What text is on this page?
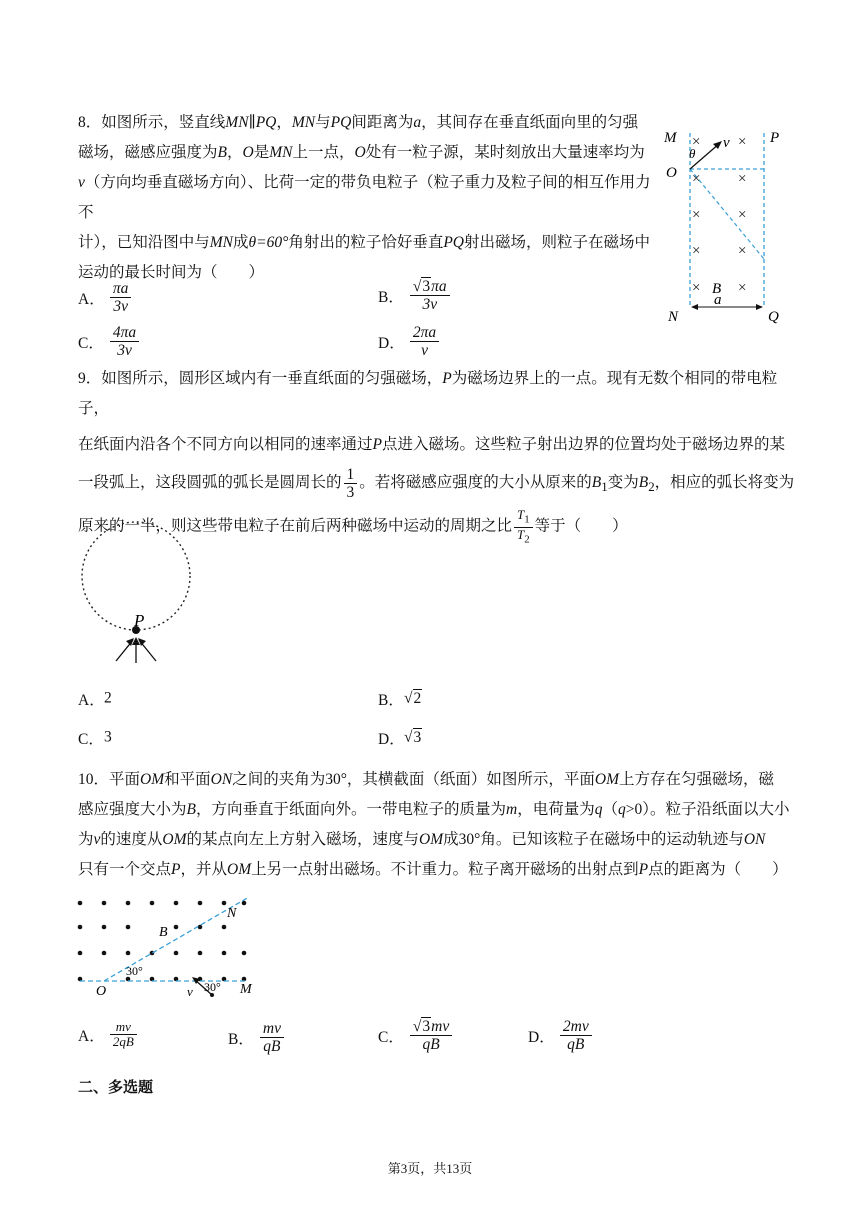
8．如图所示，竖直线MN∥PQ，MN与PQ间距离为a，其间存在垂直纸面向里的匀强
磁场，磁感应强度为B，O是MN上一点，O处有一粒子源，某时刻放出大量速率均为
v（方向均垂直磁场方向）、比荷一定的带负电粒子（粒子重力及粒子间的相互作用力不
计），已知沿图中与MN成θ=60°角射出的粒子恰好垂直PQ射出磁场，则粒子在磁场中
运动的最长时间为（　　）
A． $\frac{\pi a}{3v}$	B． $\frac{√3\pi a}{3v}$
C． $\frac{4\pi a}{3v}$	D． $\frac{2\pi a}{v}$
M	P
O
θ
v
B
a
N	Q
×	×
×	×
×	×
×	×
×	×
9．如图所示，圆形区域内有一垂直纸面的匀强磁场，P为磁场边界上的一点。现有无数个相同的带电粒子，
在纸面内沿各个不同方向以相同的速率通过P点进入磁场。这些粒子射出边界的位置均处于磁场边界的某
一段弧上，这段圆弧的弧长是圆周长的 $\frac{1}{3}$ 。若将磁感应强度的大小从原来的$B_1$变为$B_2$，相应的弧长将变为
原来的一半，则这些带电粒子在前后两种磁场中运动的周期之比 $\frac{T_1}{T_2}$ 等于（　　）
P
A．2	B．√2
C．3	D．√3
10．平面OM和平面ON之间的夹角为30°，其横截面（纸面）如图所示，平面OM上方存在匀强磁场，磁
感应强度大小为B，方向垂直于纸面向外。一带电粒子的质量为m，电荷量为q（q>0）。粒子沿纸面以大小
为v的速度从OM的某点向左上方射入磁场，速度与OM成30°角。已知该粒子在磁场中的运动轨迹与ON
只有一个交点P，并从OM上另一点射出磁场。不计重力。粒子离开磁场的出射点到P点的距离为（　　）
N
B
30°
O	v 30° M
A． $\frac{mv}{2qB}$	B． $\frac{mv}{qB}$	C． $\frac{√3mv}{qB}$	D． $\frac{2mv}{qB}$
二、多选题
第3页，共13页
